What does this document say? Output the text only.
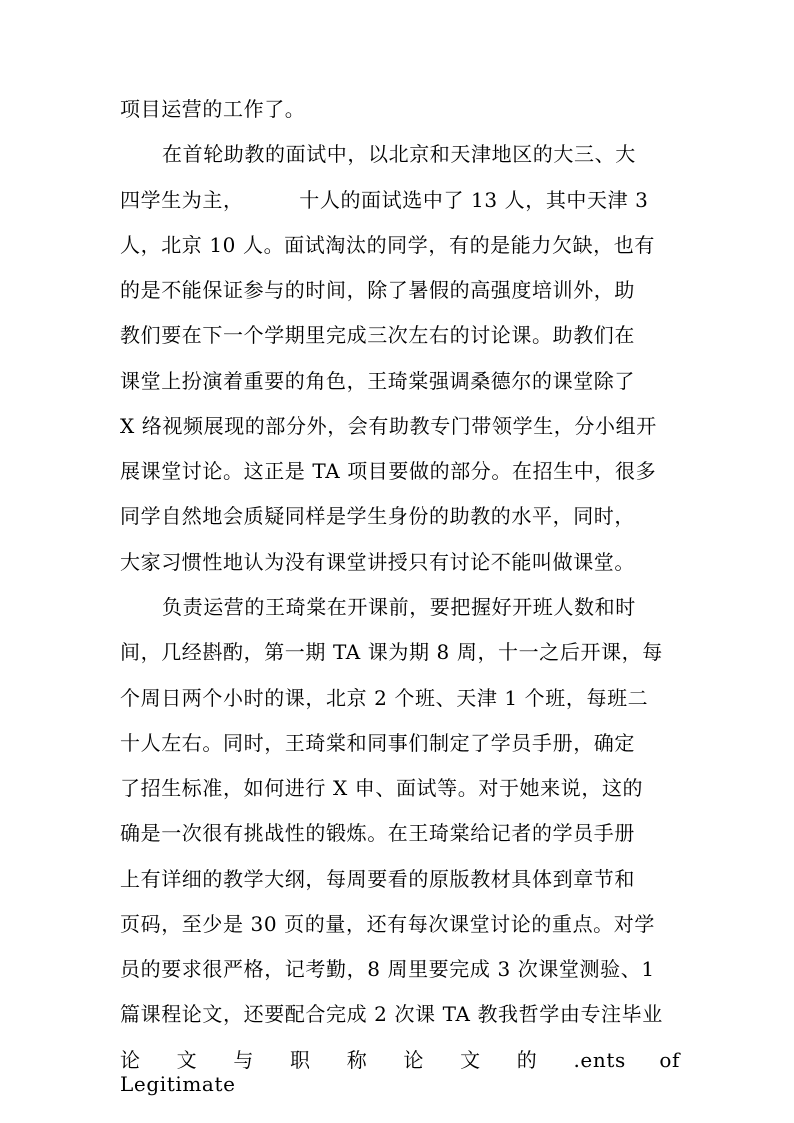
项目运营的工作了。
在首轮助教的面试中，以北京和天津地区的大三、大
四学生为主，        十人的面试选中了 13 人，其中天津 3
人，北京 10 人。面试淘汰的同学，有的是能力欠缺，也有
的是不能保证参与的时间，除了暑假的高强度培训外，助
教们要在下一个学期里完成三次左右的讨论课。助教们在
课堂上扮演着重要的角色，王琦棠强调桑德尔的课堂除了
X 络视频展现的部分外，会有助教专门带领学生，分小组开
展课堂讨论。这正是 TA 项目要做的部分。在招生中，很多
同学自然地会质疑同样是学生身份的助教的水平，同时，
大家习惯性地认为没有课堂讲授只有讨论不能叫做课堂。
负责运营的王琦棠在开课前，要把握好开班人数和时
间，几经斟酌，第一期 TA 课为期 8 周，十一之后开课，每
个周日两个小时的课，北京 2 个班、天津 1 个班，每班二
十人左右。同时，王琦棠和同事们制定了学员手册，确定
了招生标准，如何进行 X 申、面试等。对于她来说，这的
确是一次很有挑战性的锻炼。在王琦棠给记者的学员手册
上有详细的教学大纲，每周要看的原版教材具体到章节和
页码，至少是 30 页的量，还有每次课堂讨论的重点。对学
员的要求很严格，记考勤，8 周里要完成 3 次课堂测验、1
篇课程论文，还要配合完成 2 次课 TA 教我哲学由专注毕业
论 文 与 职 称 论 文 的 .ents of Legitimate
